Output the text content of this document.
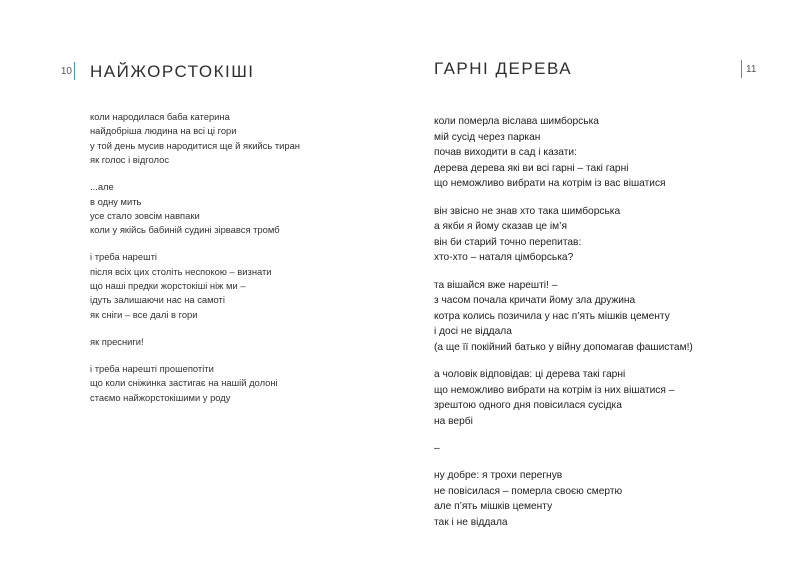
10 НАЙЖОРСТОКІШІ
коли народилася баба катерина
найдобріша людина на всі ці гори
у той день мусив народитися ще й якийсь тиран
як голос і відголос
...але
в одну мить
усе стало зовсім навпаки
коли у якійсь бабиній судині зірвався тромб
і треба нарешті
після всіх цих століть неспокою – визнати
що наші предки жорстокіші ніж ми –
ідуть залишаючи нас на самоті
як сніги – все далі в гори
як пресниги!
і треба нарешті прошепотіти
що коли сніжинка застигає на нашій долоні
стаємо найжорстокішими у роду
ГАРНІ ДЕРЕВА	11
коли померла віслава шимборська
мій сусід через паркан
почав виходити в сад і казати:
дерева дерева які ви всі гарні – такі гарні
що неможливо вибрати на котрім із вас вішатися
він звісно не знав хто така шимборська
а якби я йому сказав це ім’я
він би старий точно перепитав:
хто-хто – наталя цімборська?
та вішайся вже нарешті! –
з часом почала кричати йому зла дружина
котра колись позичила у нас п’ять мішків цементу
і досі не віддала
(а ще її покійний батько у війну допомагав фашистам!)
а чоловік відповідав: ці дерева такі гарні
що неможливо вибрати на котрім із них вішатися –
зрештою одного дня повісилася сусідка
на вербі
–
ну добре: я трохи перегнув
не повісилася – померла своєю смертю
але п’ять мішків цементу
так і не віддала
